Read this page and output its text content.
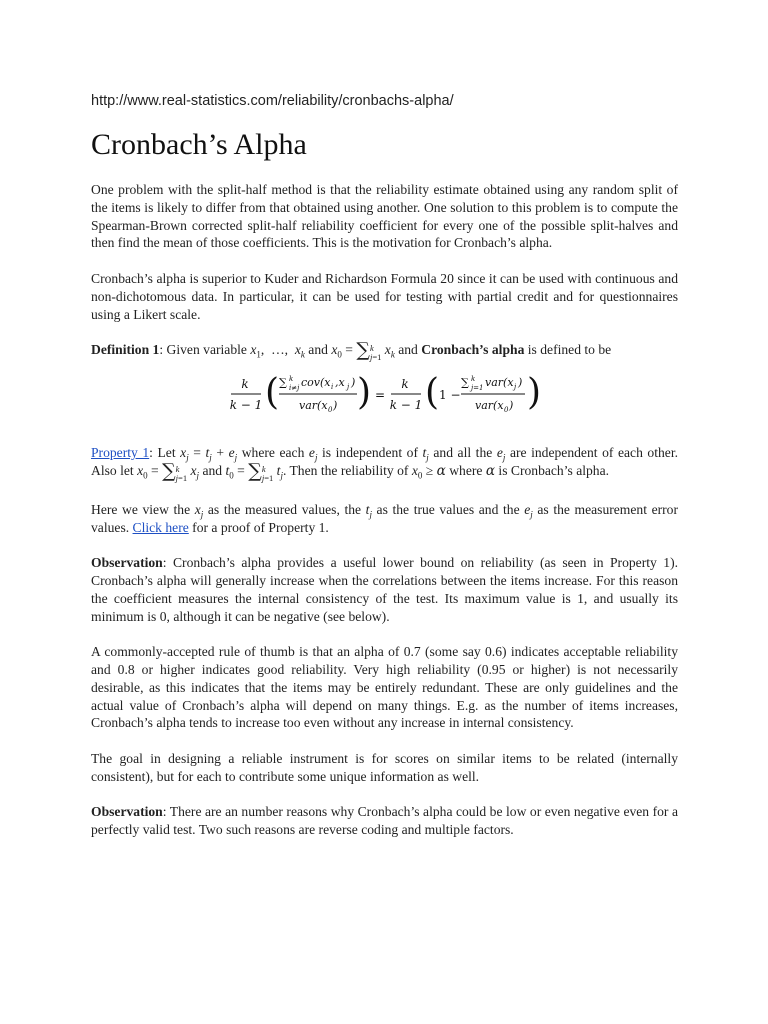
http://www.real-statistics.com/reliability/cronbachs-alpha/
Cronbach’s Alpha

One problem with the split-half method is that the reliability estimate obtained using any random split of the items is likely to differ from that obtained using another. One solution to this problem is to compute the Spearman-Brown corrected split-half reliability coefficient for every one of the possible split-halves and then find the mean of those coefficients. This is the motivation for Cronbach’s alpha.

Cronbach’s alpha is superior to Kuder and Richardson Formula 20 since it can be used with continuous and non-dichotomous data. In particular, it can be used for testing with partial credit and for questionnaires using a Likert scale.

Definition 1: Given variable $x_1$,  …,  $x_k$ and $x_0 = \sum k$
j=1 $x_k$ and Cronbach’s alpha is defined to be

k
k − 1 ( ∑ k
i≠j cov(x i ,x j )
var(x 0 ) ) =
k
k − 1 ( 1 −
∑ k
j=1 var(x j )
var(x 0 ) )

Property 1: Let $x_j = t_j + e_j$ where each $e_j$ is independent of $t_j$ and all the $e_j$ are independent of each other. Also let $x_0 = \sum k$
j=1 $x_j$ and $t_0 = \sum k$
j=1 $t_j$. Then the reliability of $x_0 \ge \alpha$ where α is Cronbach’s alpha.

Here we view the $x_j$ as the measured values, the $t_j$ as the true values and the $e_j$ as the measurement error values. Click here for a proof of Property 1.

Observation: Cronbach’s alpha provides a useful lower bound on reliability (as seen in Property 1). Cronbach’s alpha will generally increase when the correlations between the items increase. For this reason the coefficient measures the internal consistency of the test. Its maximum value is 1, and usually its minimum is 0, although it can be negative (see below).

A commonly-accepted rule of thumb is that an alpha of 0.7 (some say 0.6) indicates acceptable reliability and 0.8 or higher indicates good reliability. Very high reliability (0.95 or higher) is not necessarily desirable, as this indicates that the items may be entirely redundant. These are only guidelines and the actual value of Cronbach’s alpha will depend on many things. E.g. as the number of items increases, Cronbach’s alpha tends to increase too even without any increase in internal consistency.

The goal in designing a reliable instrument is for scores on similar items to be related (internally consistent), but for each to contribute some unique information as well.

Observation: There are an number reasons why Cronbach’s alpha could be low or even negative even for a perfectly valid test. Two such reasons are reverse coding and multiple factors.
